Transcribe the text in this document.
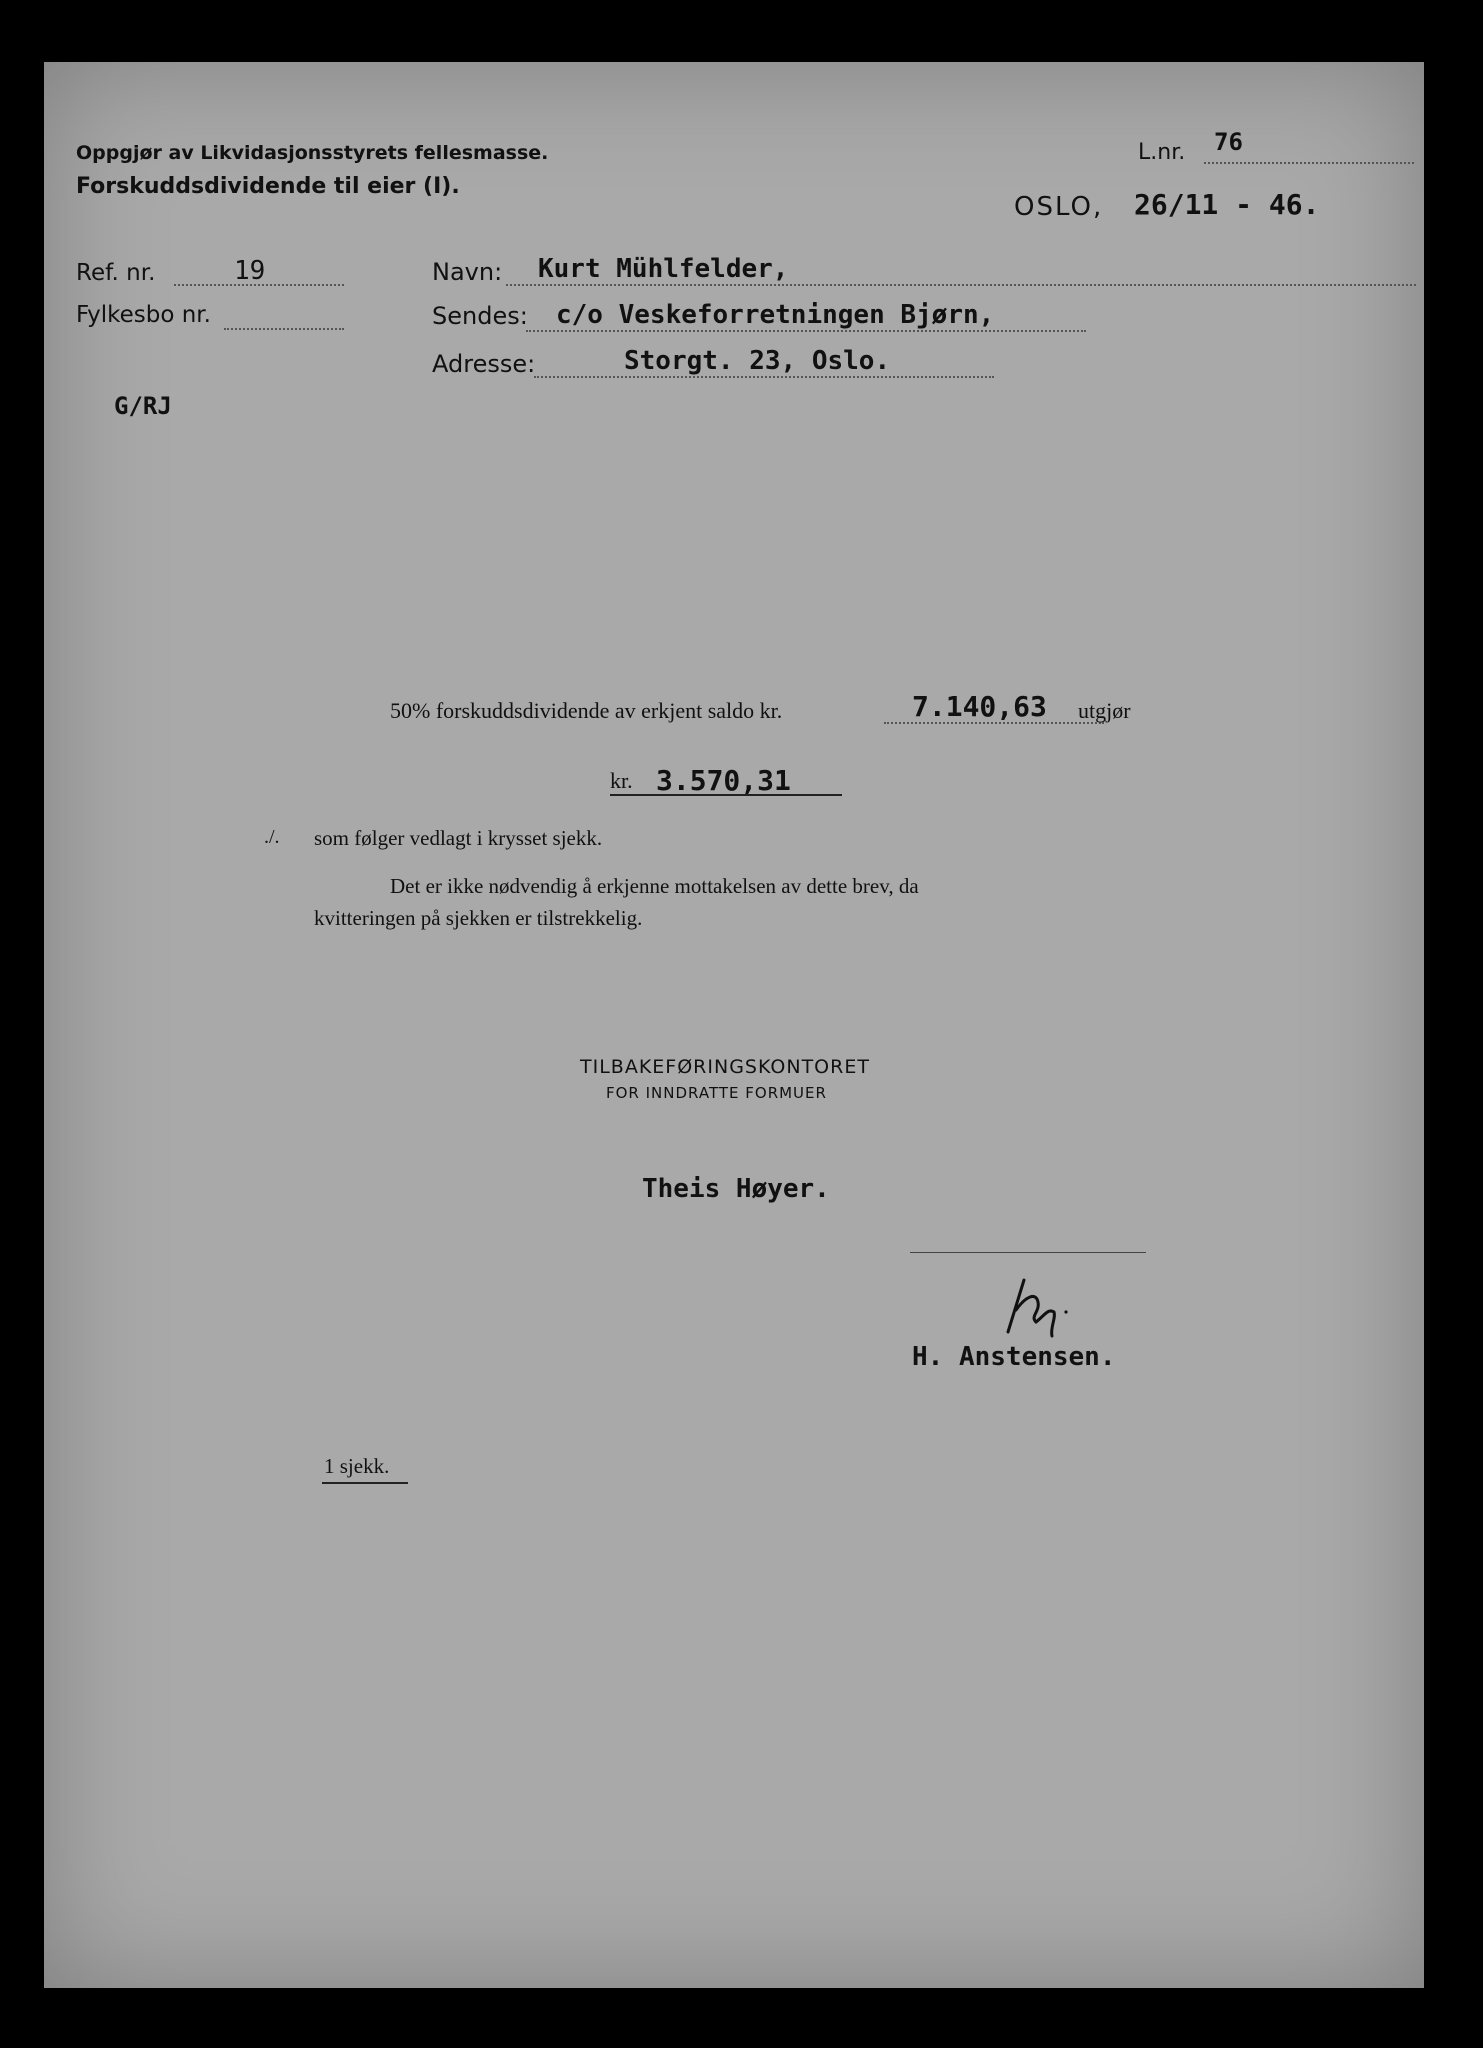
Oppgjør av Likvidasjonsstyrets fellesmasse.
Forskuddsdividende til eier (I).
L.nr. 76
OSLO, 26/11 - 46.
Ref. nr.	19
Fylkesbo nr.
G/RJ
Navn: Kurt Mühlfelder,
Sendes: c/o Veskeforretningen Bjørn,
Adresse:	Storgt. 23, Oslo.
50% forskuddsdividende av erkjent saldo kr.	7.140,63 utgjør
kr. 3.570,31
./. som følger vedlagt i krysset sjekk.
Det er ikke nødvendig å erkjenne mottakelsen av dette brev, da
kvitteringen på sjekken er tilstrekkelig.
TILBAKEFØRINGSKONTORET
FOR INNDRATTE FORMUER
Theis Høyer.
H. Anstensen.
1 sjekk.
